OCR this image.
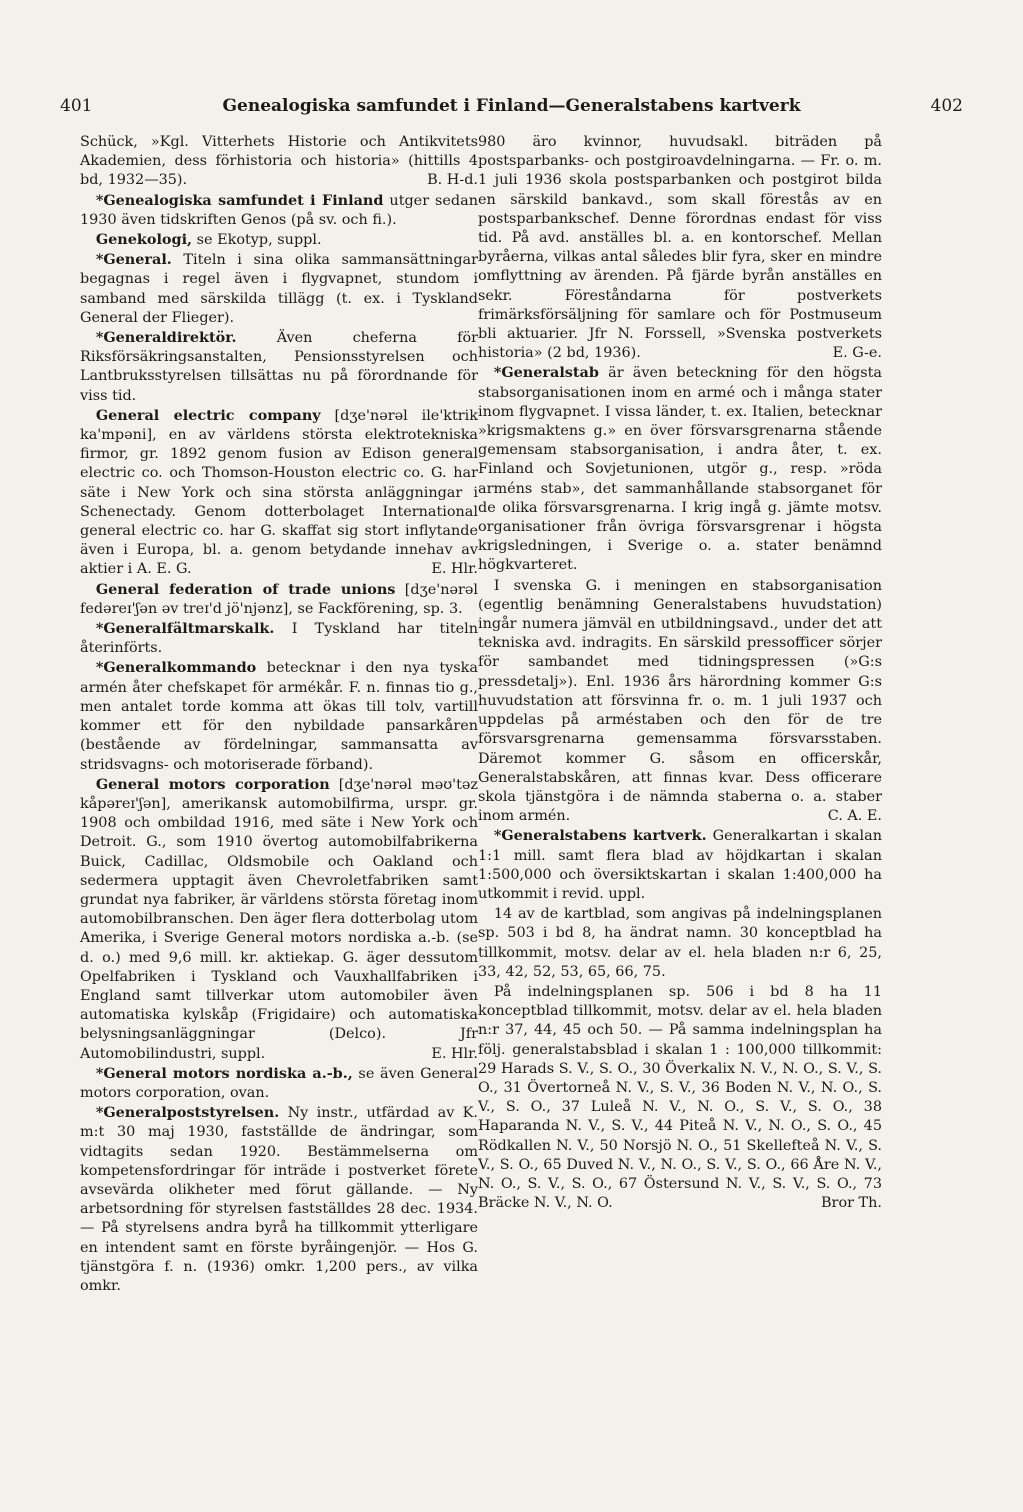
401	Genealogiska samfundet i Finland—Generalstabens kartverk	402

Schück, »Kgl. Vitterhets Historie och Antikvitets Akademien, dess förhistoria och historia» (hittills 4 bd, 1932—35).	B. H-d.

*Genealogiska samfundet i Finland utger sedan 1930 även tidskriften Genos (på sv. och fi.).

Genekologi, se Ekotyp, suppl.

*General. Titeln i sina olika sammansättningar begagnas i regel även i flygvapnet, stundom i samband med särskilda tillägg (t. ex. i Tyskland General der Flieger).

*Generaldirektör. Även cheferna för Riksförsäkringsanstalten, Pensionsstyrelsen och Lantbruksstyrelsen tillsättas nu på förordnande för viss tid.

General electric company [dʒe'nərəl ile'ktrik ka'mpəni], en av världens största elektrotekniska firmor, gr. 1892 genom fusion av Edison general electric co. och Thomson-Houston electric co. G. har säte i New York och sina största anläggningar i Schenectady. Genom dotterbolaget International general electric co. har G. skaffat sig stort inflytande även i Europa, bl. a. genom betydande innehav av aktier i A. E. G.	E. Hlr.

General federation of trade unions [dʒe'nərəl fedəreɪ'ʃən əv treɪ'd jö'njənz], se Fackförening, sp. 3.

*Generalfältmarskalk. I Tyskland har titeln återinförts.

*Generalkommando betecknar i den nya tyska armén åter chefskapet för armékår. F. n. finnas tio g., men antalet torde komma att ökas till tolv, vartill kommer ett för den nybildade pansarkåren (bestående av fördelningar, sammansatta av stridsvagns- och motoriserade förband).

General motors corporation [dʒe'nərəl məʊ'təz kåpəreɪ'ʃən], amerikansk automobilfirma, urspr. gr. 1908 och ombildad 1916, med säte i New York och Detroit. G., som 1910 övertog automobilfabrikerna Buick, Cadillac, Oldsmobile och Oakland och sedermera upptagit även Chevroletfabriken samt grundat nya fabriker, är världens största företag inom automobilbranschen. Den äger flera dotterbolag utom Amerika, i Sverige General motors nordiska a.-b. (se d. o.) med 9,6 mill. kr. aktiekap. G. äger dessutom Opelfabriken i Tyskland och Vauxhallfabriken i England samt tillverkar utom automobiler även automatiska kylskåp (Frigidaire) och automatiska belysningsanläggningar (Delco). Jfr Automobilindustri, suppl.	E. Hlr.

*General motors nordiska a.-b., se även General motors corporation, ovan.

*Generalpoststyrelsen. Ny instr., utfärdad av K. m:t 30 maj 1930, fastställde de ändringar, som vidtagits sedan 1920. Bestämmelserna om kompetensfordringar för inträde i postverket förete avsevärda olikheter med förut gällande. — Ny arbetsordning för styrelsen fastställdes 28 dec. 1934. — På styrelsens andra byrå ha tillkommit ytterligare en intendent samt en förste byråingenjör. — Hos G. tjänstgöra f. n. (1936) omkr. 1,200 pers., av vilka omkr.

980 äro kvinnor, huvudsakl. biträden på postsparbanks- och postgiroavdelningarna. — Fr. o. m. 1 juli 1936 skola postsparbanken och postgirot bilda en särskild bankavd., som skall förestås av en postsparbankschef. Denne förordnas endast för viss tid. På avd. anställes bl. a. en kontorschef. Mellan byråerna, vilkas antal således blir fyra, sker en mindre omflyttning av ärenden. På fjärde byrån anställes en sekr. Föreståndarna för postverkets frimärksförsäljning för samlare och för Postmuseum bli aktuarier. Jfr N. Forssell, »Svenska postverkets historia» (2 bd, 1936).	E. G-e.

*Generalstab är även beteckning för den högsta stabsorganisationen inom en armé och i många stater inom flygvapnet. I vissa länder, t. ex. Italien, betecknar »krigsmaktens g.» en över försvarsgrenarna stående gemensam stabsorganisation, i andra åter, t. ex. Finland och Sovjetunionen, utgör g., resp. »röda arméns stab», det sammanhållande stabsorganet för de olika försvarsgrenarna. I krig ingå g. jämte motsv. organisationer från övriga försvarsgrenar i högsta krigsledningen, i Sverige o. a. stater benämnd högkvarteret.

I svenska G. i meningen en stabsorganisation (egentlig benämning Generalstabens huvudstation) ingår numera jämväl en utbildningsavd., under det att tekniska avd. indragits. En särskild pressofficer sörjer för sambandet med tidningspressen (»G:s pressdetalj»). Enl. 1936 års härordning kommer G:s huvudstation att försvinna fr. o. m. 1 juli 1937 och uppdelas på arméstaben och den för de tre försvarsgrenarna gemensamma försvarsstaben. Däremot kommer G. såsom en officerskår, Generalstabskåren, att finnas kvar. Dess officerare skola tjänstgöra i de nämnda staberna o. a. staber inom armén.	C. A. E.

*Generalstabens kartverk. Generalkartan i skalan 1:1 mill. samt flera blad av höjdkartan i skalan 1:500,000 och översiktskartan i skalan 1:400,000 ha utkommit i revid. uppl.

14 av de kartblad, som angivas på indelningsplanen sp. 503 i bd 8, ha ändrat namn. 30 konceptblad ha tillkommit, motsv. delar av el. hela bladen n:r 6, 25, 33, 42, 52, 53, 65, 66, 75.

På indelningsplanen sp. 506 i bd 8 ha 11 konceptblad tillkommit, motsv. delar av el. hela bladen n:r 37, 44, 45 och 50. — På samma indelningsplan ha följ. generalstabsblad i skalan 1 : 100,000 tillkommit: 29 Harads S. V., S. O., 30 Överkalix N. V., N. O., S. V., S. O., 31 Övertorneå N. V., S. V., 36 Boden N. V., N. O., S. V., S. O., 37 Luleå N. V., N. O., S. V., S. O., 38 Haparanda N. V., S. V., 44 Piteå N. V., N. O., S. O., 45 Rödkallen N. V., 50 Norsjö N. O., 51 Skellefteå N. V., S. V., S. O., 65 Duved N. V., N. O., S. V., S. O., 66 Åre N. V., N. O., S. V., S. O., 67 Östersund N. V., S. V., S. O., 73 Bräcke N. V., N. O.	Bror Th.
